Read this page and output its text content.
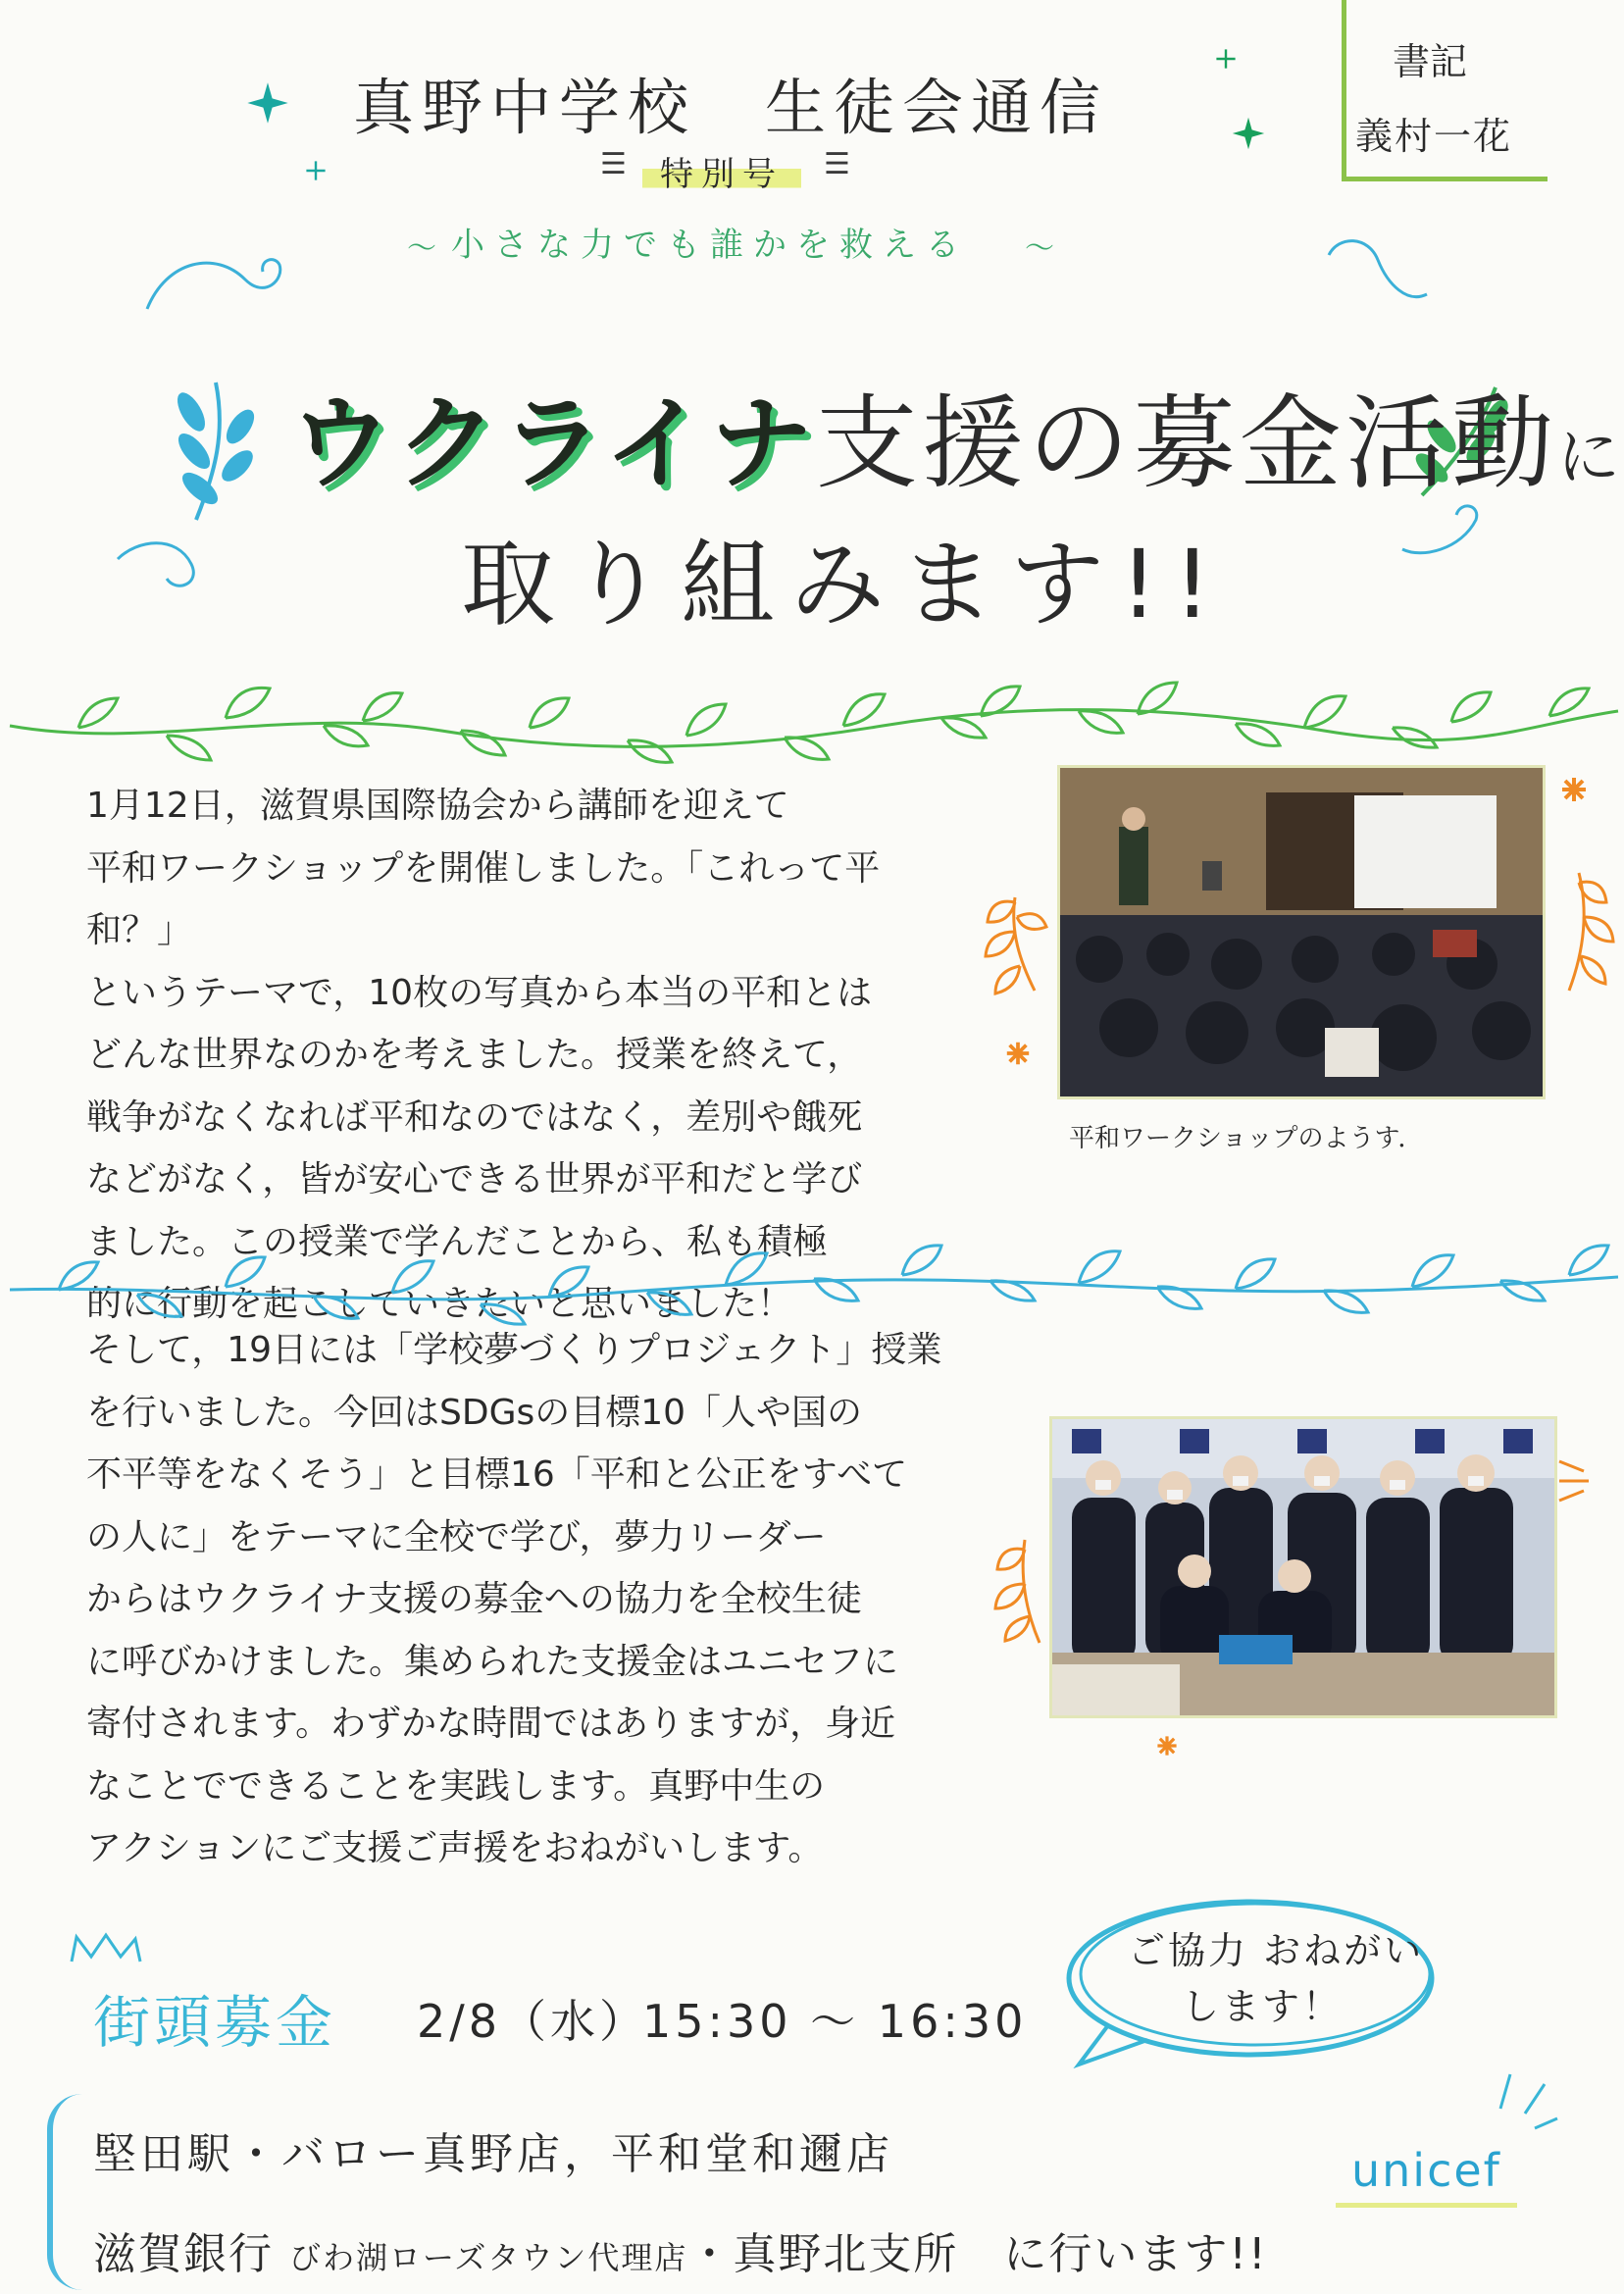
書記
義村一花
真野中学校　生徒会通信
☰	特別号	☰
〜 小さな力でも誰かを救える 〜
ウクライナ支援の募金活動に
取り組みます!!
1月12日，滋賀県国際協会から講師を迎えて
平和ワークショップを開催しました。「これって平和？」
というテーマで，10枚の写真から本当の平和とは
どんな世界なのかを考えました。授業を終えて，
戦争がなくなれば平和なのではなく，差別や餓死
などがなく，皆が安心できる世界が平和だと学び
ました。この授業で学んだことから、私も積極
的に行動を起こしていきたいと思いました！
平和ワークショップのようす．
そして，19日には「学校夢づくりプロジェクト」授業
を行いました。今回はSDGsの目標10「人や国の
不平等をなくそう」と目標16「平和と公正をすべて
の人に」をテーマに全校で学び，夢力リーダー
からはウクライナ支援の募金への協力を全校生徒
に呼びかけました。集められた支援金はユニセフに
寄付されます。わずかな時間ではありますが，身近
なことでできることを実践します。真野中生の
アクションにご支援ご声援をおねがいします。
街頭募金 2/8（水）
15:30 〜 16:30
堅田駅・バロー真野店，平和堂和邇店
滋賀銀行 びわ湖ローズタウン代理店・真野北支所　に行います!!
ご協力 おねがい
します！
unicef
